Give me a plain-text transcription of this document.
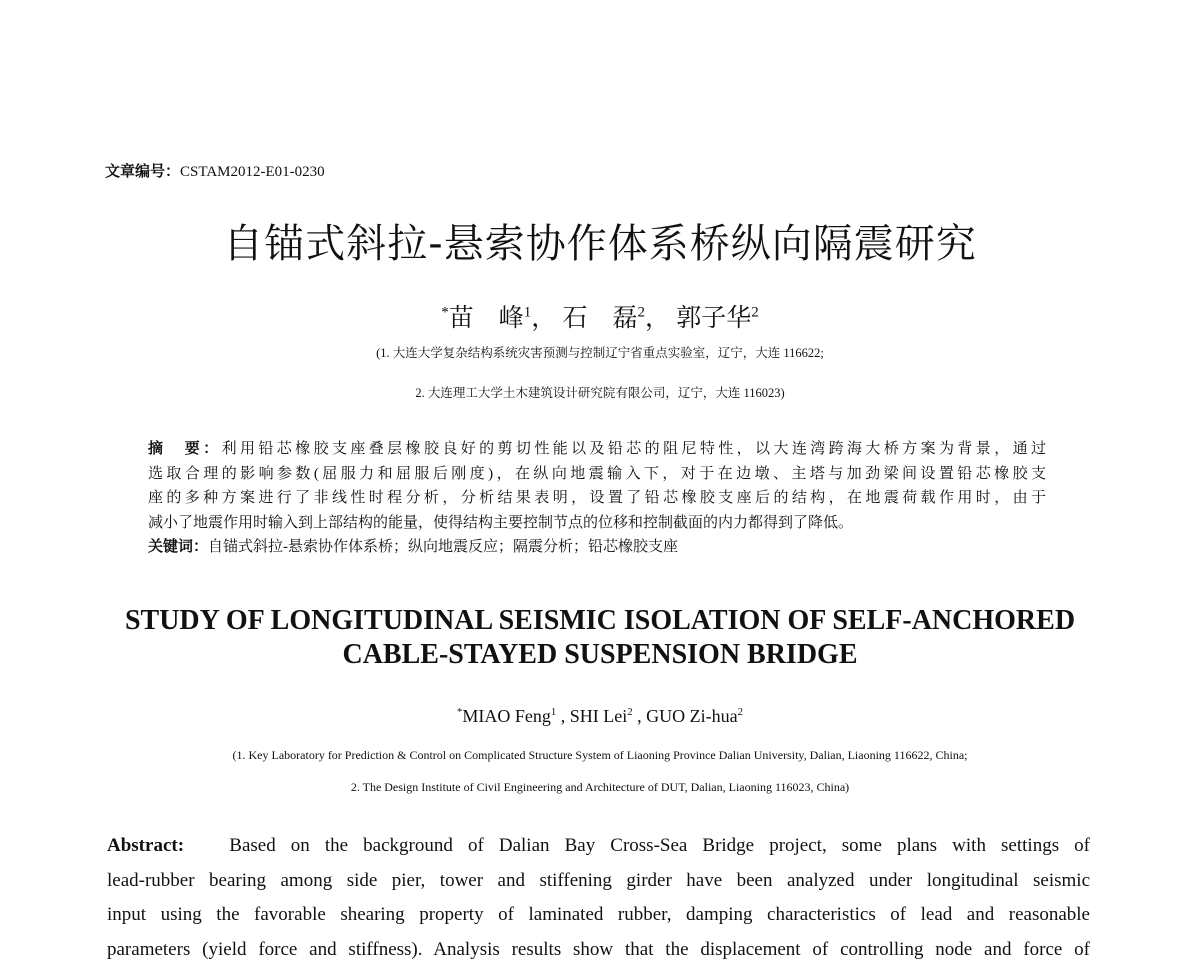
文章编号：CSTAM2012-E01-0230
自锚式斜拉-悬索协作体系桥纵向隔震研究
*苗　峰$^1$， 石　磊$^2$， 郭子华$^2$
(1. 大连大学复杂结构系统灾害预测与控制辽宁省重点实验室，辽宁，大连 116622;
2. 大连理工大学土木建筑设计研究院有限公司，辽宁，大连 116023)
摘　要：利用铅芯橡胶支座叠层橡胶良好的剪切性能以及铅芯的阻尼特性，以大连湾跨海大桥方案为背景，通过
选取合理的影响参数(屈服力和屈服后刚度)，在纵向地震输入下，对于在边墩、主塔与加劲梁间设置铅芯橡胶支
座的多种方案进行了非线性时程分析，分析结果表明，设置了铅芯橡胶支座后的结构，在地震荷载作用时，由于
减小了地震作用时输入到上部结构的能量，使得结构主要控制节点的位移和控制截面的内力都得到了降低。
关键词：自锚式斜拉-悬索协作体系桥；纵向地震反应；隔震分析；铅芯橡胶支座
STUDY OF LONGITUDINAL SEISMIC ISOLATION OF SELF-ANCHORED
CABLE-STAYED SUSPENSION BRIDGE
*MIAO Feng$^1$ , SHI Lei$^2$ , GUO Zi-hua$^2$
(1. Key Laboratory for Prediction & Control on Complicated Structure System of Liaoning Province Dalian University, Dalian, Liaoning 116622, China;
2. The Design Institute of Civil Engineering and Architecture of DUT, Dalian, Liaoning 116023, China)
Abstract: Based on the background of Dalian Bay Cross-Sea Bridge project, some plans with settings of
lead-rubber bearing among side pier, tower and stiffening girder have been analyzed under longitudinal seismic
input using the favorable shearing property of laminated rubber, damping characteristics of lead and reasonable
parameters (yield force and stiffness). Analysis results show that the displacement of controlling node and force of
